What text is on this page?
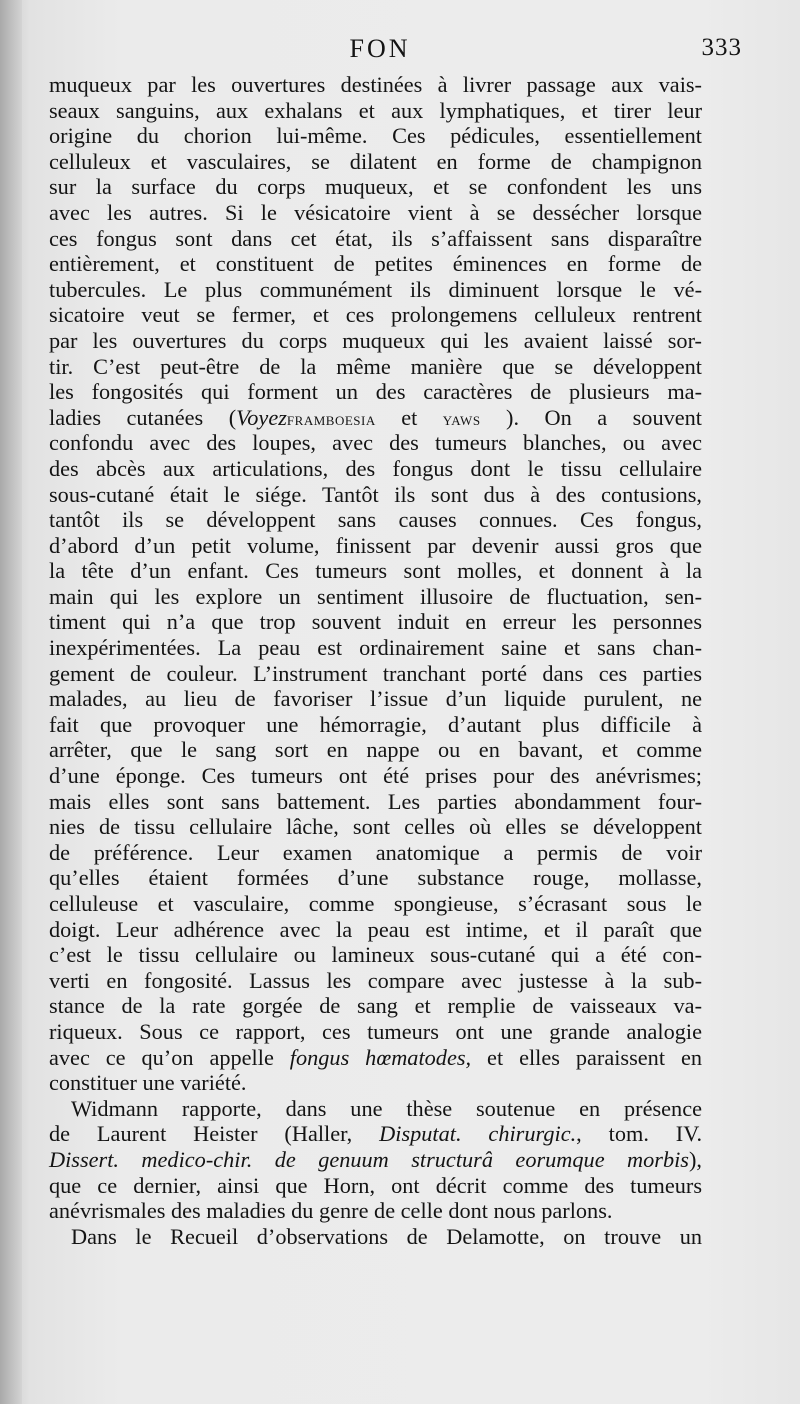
FON	333
muqueux par les ouvertures destinées à livrer passage aux vais-
seaux sanguins, aux exhalans et aux lymphatiques, et tirer leur
origine du chorion lui-même. Ces pédicules, essentiellement
celluleux et vasculaires, se dilatent en forme de champignon
sur la surface du corps muqueux, et se confondent les uns
avec les autres. Si le vésicatoire vient à se dessécher lorsque
ces fongus sont dans cet état, ils s’affaissent sans disparaître
entièrement, et constituent de petites éminences en forme de
tubercules. Le plus communément ils diminuent lorsque le vé-
sicatoire veut se fermer, et ces prolongemens celluleux rentrent
par les ouvertures du corps muqueux qui les avaient laissé sor-
tir. C’est peut-être de la même manière que se développent
les fongosités qui forment un des caractères de plusieurs ma-
ladies cutanées (Voyezframboesia et yaws ). On a souvent
confondu avec des loupes, avec des tumeurs blanches, ou avec
des abcès aux articulations, des fongus dont le tissu cellulaire
sous-cutané était le siége. Tantôt ils sont dus à des contusions,
tantôt ils se développent sans causes connues. Ces fongus,
d’abord d’un petit volume, finissent par devenir aussi gros que
la tête d’un enfant. Ces tumeurs sont molles, et donnent à la
main qui les explore un sentiment illusoire de fluctuation, sen-
timent qui n’a que trop souvent induit en erreur les personnes
inexpérimentées. La peau est ordinairement saine et sans chan-
gement de couleur. L’instrument tranchant porté dans ces parties
malades, au lieu de favoriser l’issue d’un liquide purulent, ne
fait que provoquer une hémorragie, d’autant plus difficile à
arrêter, que le sang sort en nappe ou en bavant, et comme
d’une éponge. Ces tumeurs ont été prises pour des anévrismes;
mais elles sont sans battement. Les parties abondamment four-
nies de tissu cellulaire lâche, sont celles où elles se développent
de préférence. Leur examen anatomique a permis de voir
qu’elles étaient formées d’une substance rouge, mollasse,
celluleuse et vasculaire, comme spongieuse, s’écrasant sous le
doigt. Leur adhérence avec la peau est intime, et il paraît que
c’est le tissu cellulaire ou lamineux sous-cutané qui a été con-
verti en fongosité. Lassus les compare avec justesse à la sub-
stance de la rate gorgée de sang et remplie de vaisseaux va-
riqueux. Sous ce rapport, ces tumeurs ont une grande analogie
avec ce qu’on appelle fongus hœmatodes, et elles paraissent en
constituer une variété.
Widmann rapporte, dans une thèse soutenue en présence
de Laurent Heister (Haller, Disputat. chirurgic., tom. IV.
Dissert. medico-chir. de genuum structurâ eorumque morbis),
que ce dernier, ainsi que Horn, ont décrit comme des tumeurs
anévrismales des maladies du genre de celle dont nous parlons.
Dans le Recueil d’observations de Delamotte, on trouve un
